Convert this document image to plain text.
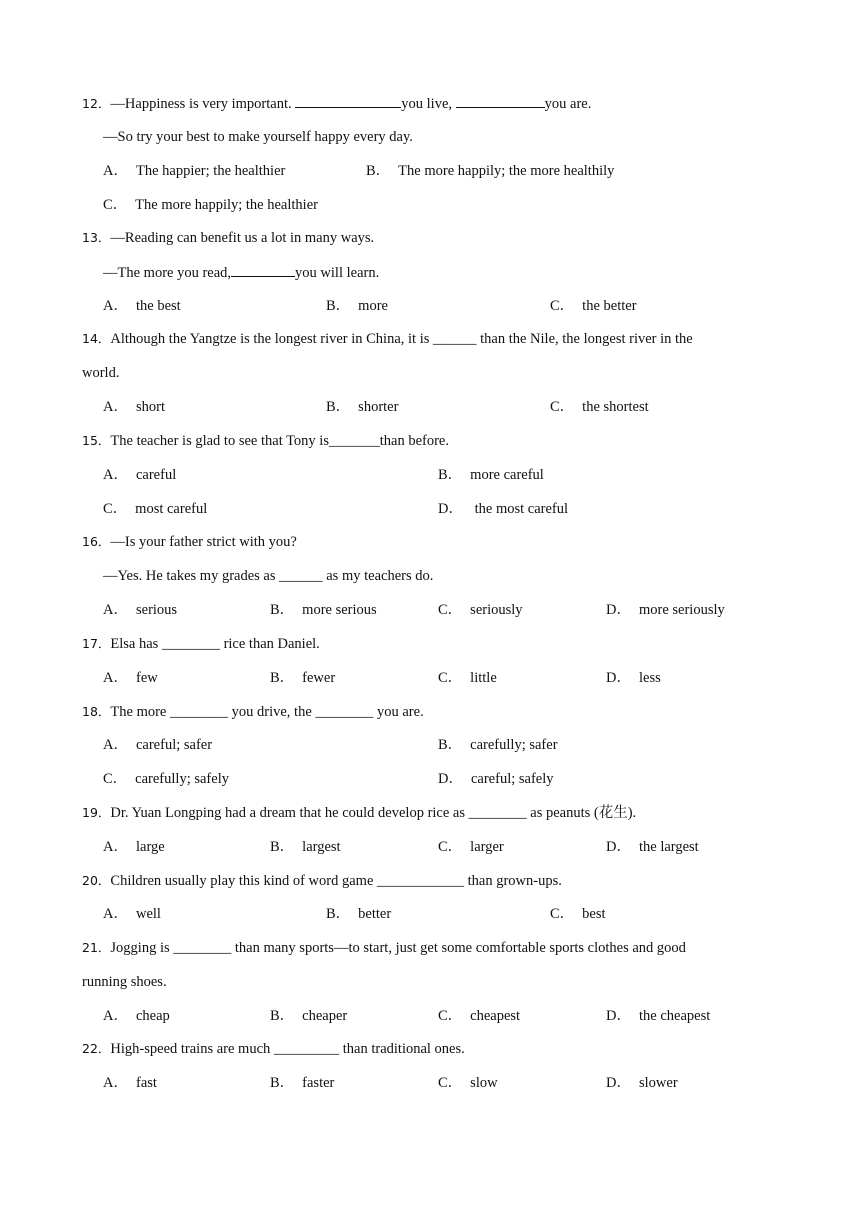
12．—Happiness is very important.	you live,	you are.
—So try your best to make yourself happy every day.
A． The happier; the healthier	B． The more happily; the more healthily
C． The more happily; the healthier
13．—Reading can benefit us a lot in many ways.
—The more you read,	you will learn.
A． the best	B． more	C． the better
14．Although the Yangtze is the longest river in China, it is ______ than the Nile, the longest river in the
world.
A． short	B． shorter	C． the shortest
15．The teacher is glad to see that Tony is_______than before.
A． careful	B． more careful
C． most careful	D． the most careful
16．—Is your father strict with you?
—Yes. He takes my grades as ______ as my teachers do.
A． serious	B． more serious	C． seriously	D． more seriously
17．Elsa has ________ rice than Daniel.
A． few	B． fewer	C． little	D． less
18．The more ________ you drive, the ________ you are.
A． careful; safer	B． carefully; safer
C． carefully; safely	D． careful; safely
19．Dr. Yuan Longping had a dream that he could develop rice as ________ as peanuts (花生).
A． large	B． largest	C． larger	D． the largest
20．Children usually play this kind of word game ____________ than grown-ups.
A． well	B． better	C． best
21．Jogging is ________ than many sports—to start, just get some comfortable sports clothes and good
running shoes.
A． cheap	B． cheaper	C． cheapest	D． the cheapest
22．High-speed trains are much _________ than traditional ones.
A． fast	B． faster	C． slow	D． slower
